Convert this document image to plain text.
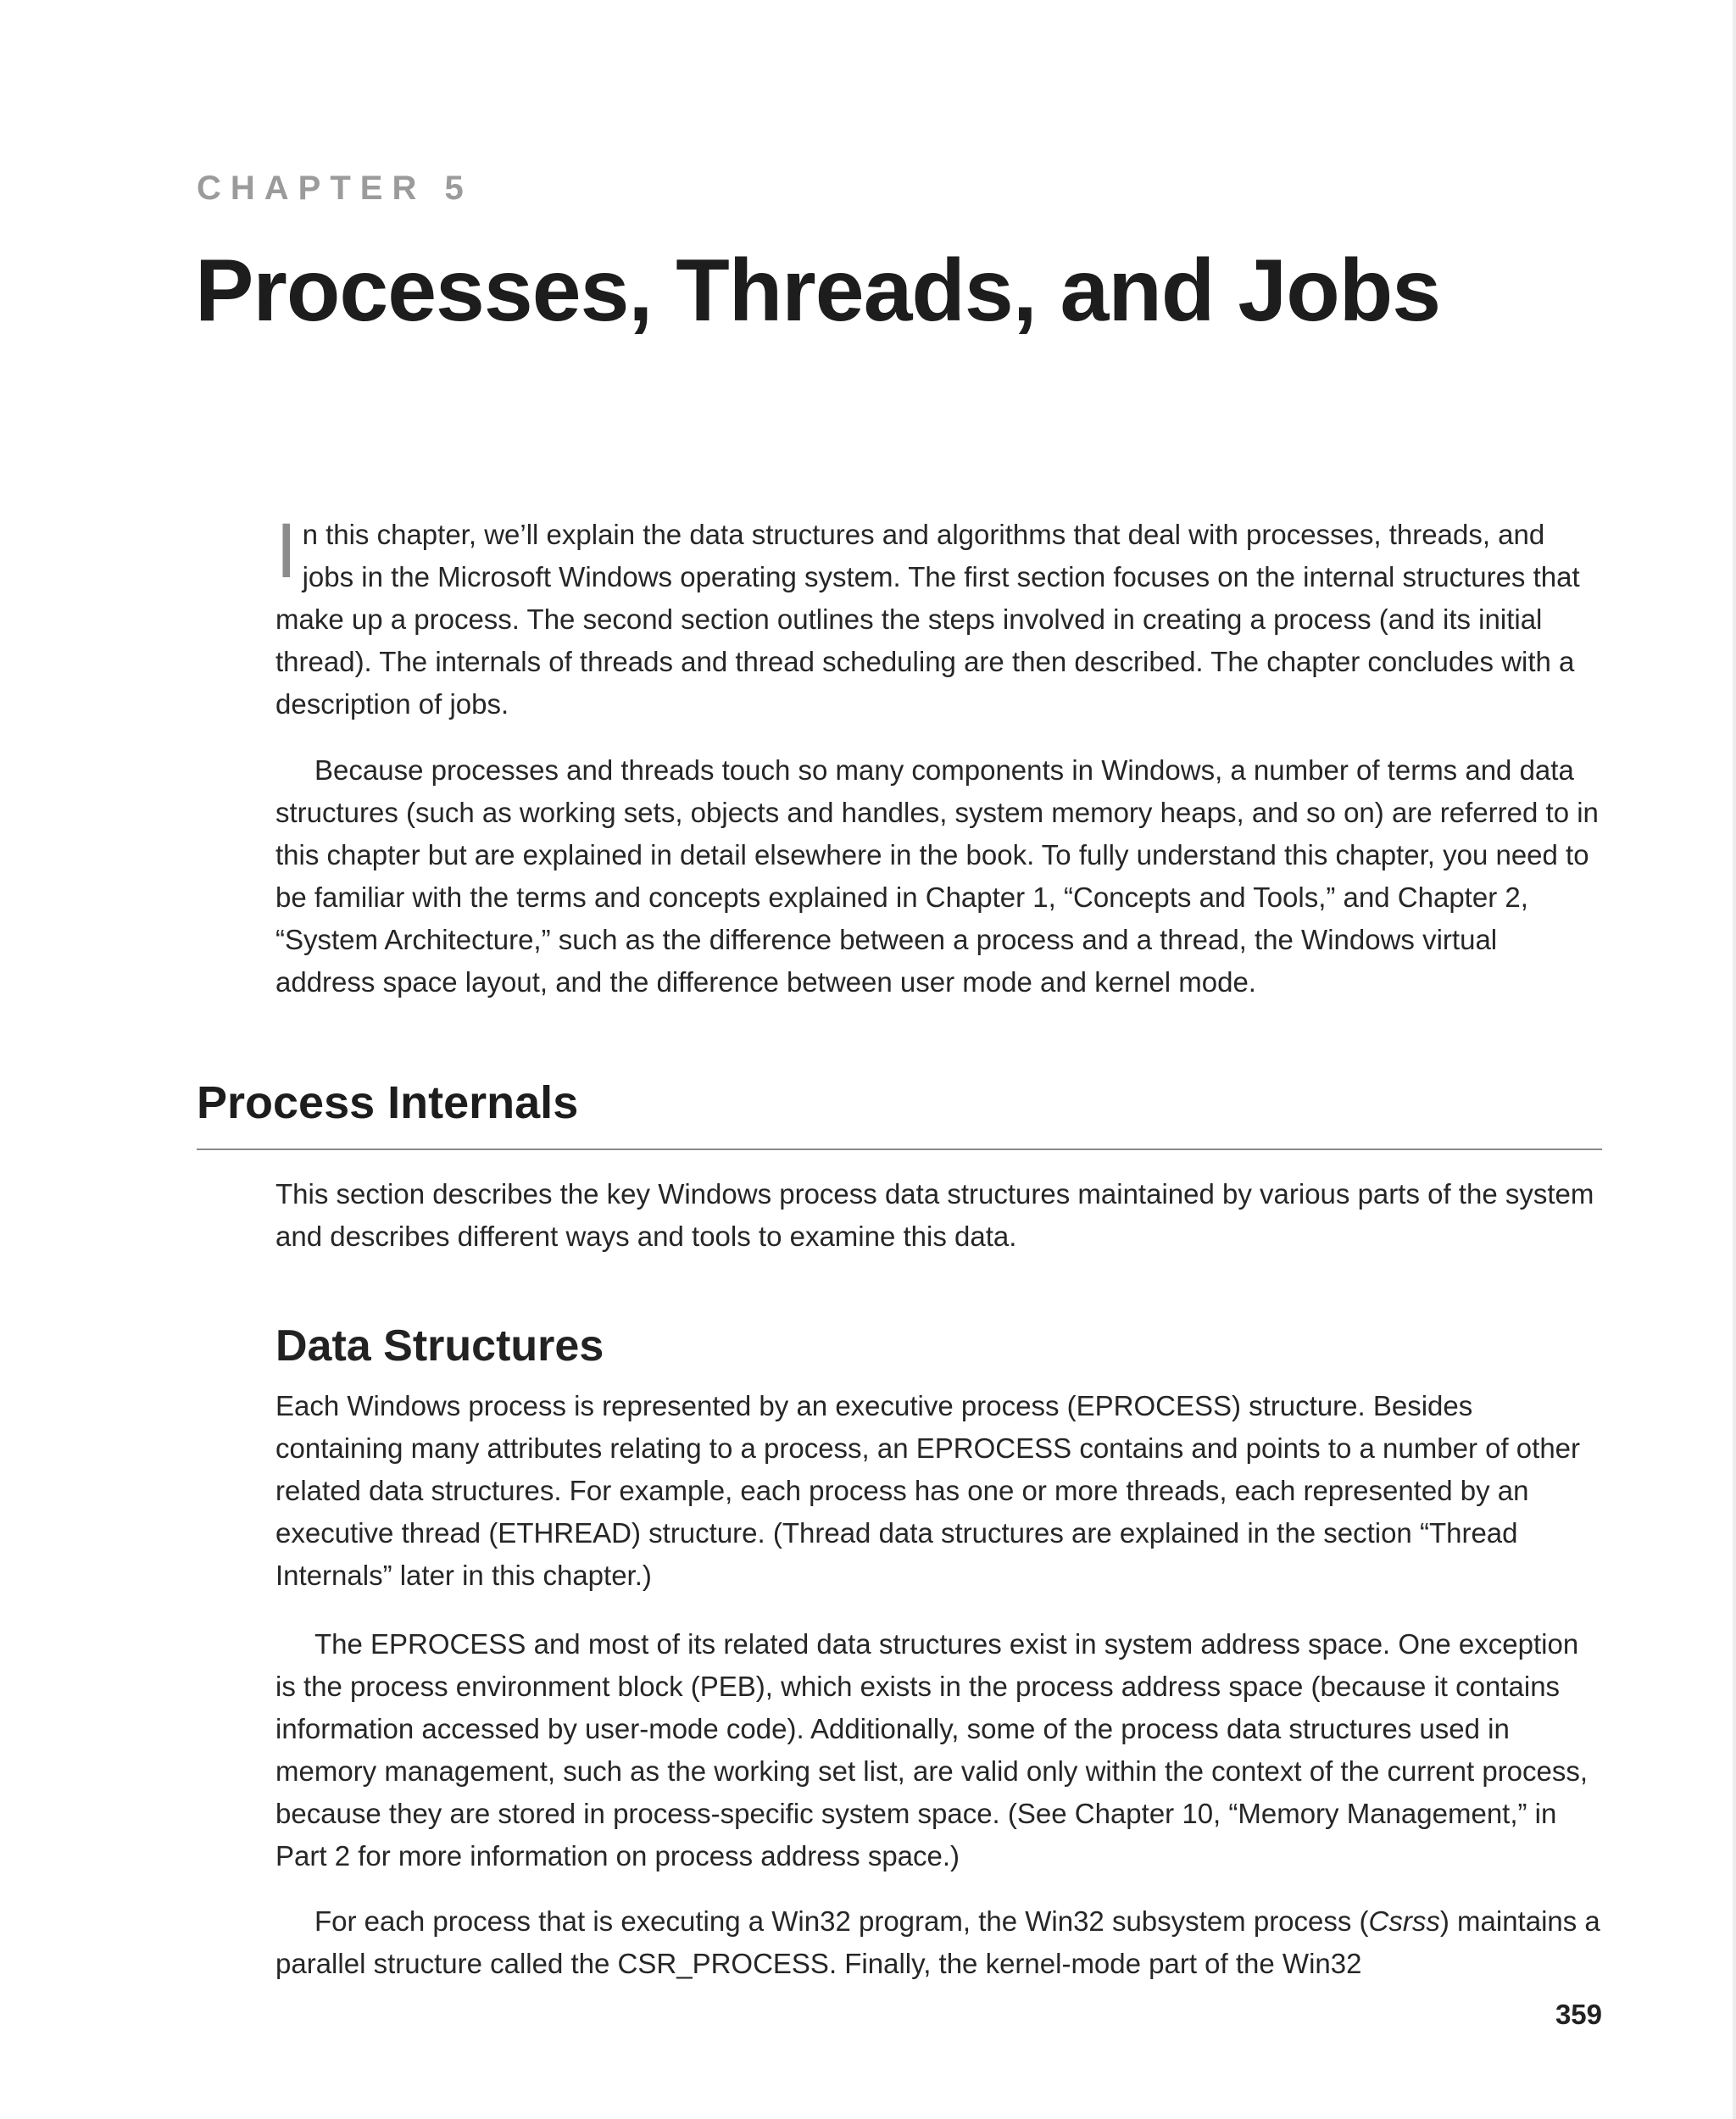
CHAPTER 5
Processes, Threads, and Jobs

In this chapter, we’ll explain the data structures and algorithms that deal with processes, threads, and jobs in the Microsoft Windows operating system. The first section focuses on the internal structures that make up a process. The second section outlines the steps involved in creating a process (and its initial thread). The internals of threads and thread scheduling are then described. The chapter concludes with a description of jobs.

Because processes and threads touch so many components in Windows, a number of terms and data structures (such as working sets, objects and handles, system memory heaps, and so on) are referred to in this chapter but are explained in detail elsewhere in the book. To fully understand this chapter, you need to be familiar with the terms and concepts explained in Chapter 1, “Concepts and Tools,” and Chapter 2, “System Architecture,” such as the difference between a process and a thread, the Windows virtual address space layout, and the difference between user mode and kernel mode.

Process Internals

This section describes the key Windows process data structures maintained by various parts of the system and describes different ways and tools to examine this data.

Data Structures

Each Windows process is represented by an executive process (EPROCESS) structure. Besides containing many attributes relating to a process, an EPROCESS contains and points to a number of other related data structures. For example, each process has one or more threads, each represented by an executive thread (ETHREAD) structure. (Thread data structures are explained in the section “Thread Internals” later in this chapter.)

The EPROCESS and most of its related data structures exist in system address space. One exception is the process environment block (PEB), which exists in the process address space (because it contains information accessed by user-mode code). Additionally, some of the process data structures used in memory management, such as the working set list, are valid only within the context of the current process, because they are stored in process-specific system space. (See Chapter 10, “Memory Management,” in Part 2 for more information on process address space.)

For each process that is executing a Win32 program, the Win32 subsystem process (Csrss) maintains a parallel structure called the CSR_PROCESS. Finally, the kernel-mode part of the Win32

359
